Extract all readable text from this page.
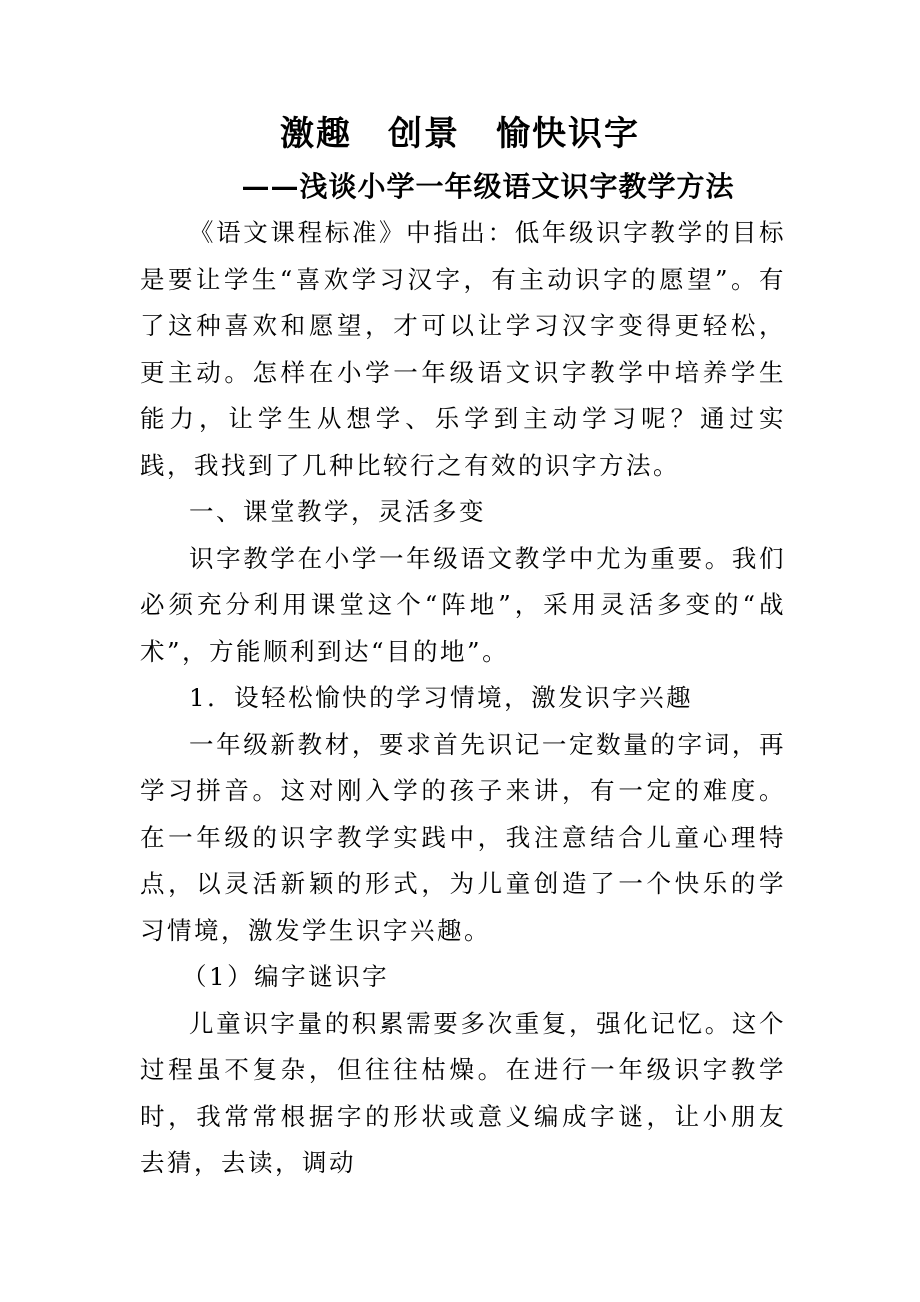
激趣　创景　愉快识字
——浅谈小学一年级语文识字教学方法

《语文课程标准》中指出：低年级识字教学的目标是要让学生“喜欢学习汉字，有主动识字的愿望”。有了这种喜欢和愿望，才可以让学习汉字变得更轻松，更主动。怎样在小学一年级语文识字教学中培养学生能力，让学生从想学、乐学到主动学习呢？通过实践，我找到了几种比较行之有效的识字方法。

一、课堂教学，灵活多变

识字教学在小学一年级语文教学中尤为重要。我们必须充分利用课堂这个“阵地”，采用灵活多变的“战术”，方能顺利到达“目的地”。

1．设轻松愉快的学习情境，激发识字兴趣

一年级新教材，要求首先识记一定数量的字词，再学习拼音。这对刚入学的孩子来讲，有一定的难度。在一年级的识字教学实践中，我注意结合儿童心理特点，以灵活新颖的形式，为儿童创造了一个快乐的学习情境，激发学生识字兴趣。

（1）编字谜识字

儿童识字量的积累需要多次重复，强化记忆。这个过程虽不复杂，但往往枯燥。在进行一年级识字教学时，我常常根据字的形状或意义编成字谜，让小朋友去猜，去读，调动
